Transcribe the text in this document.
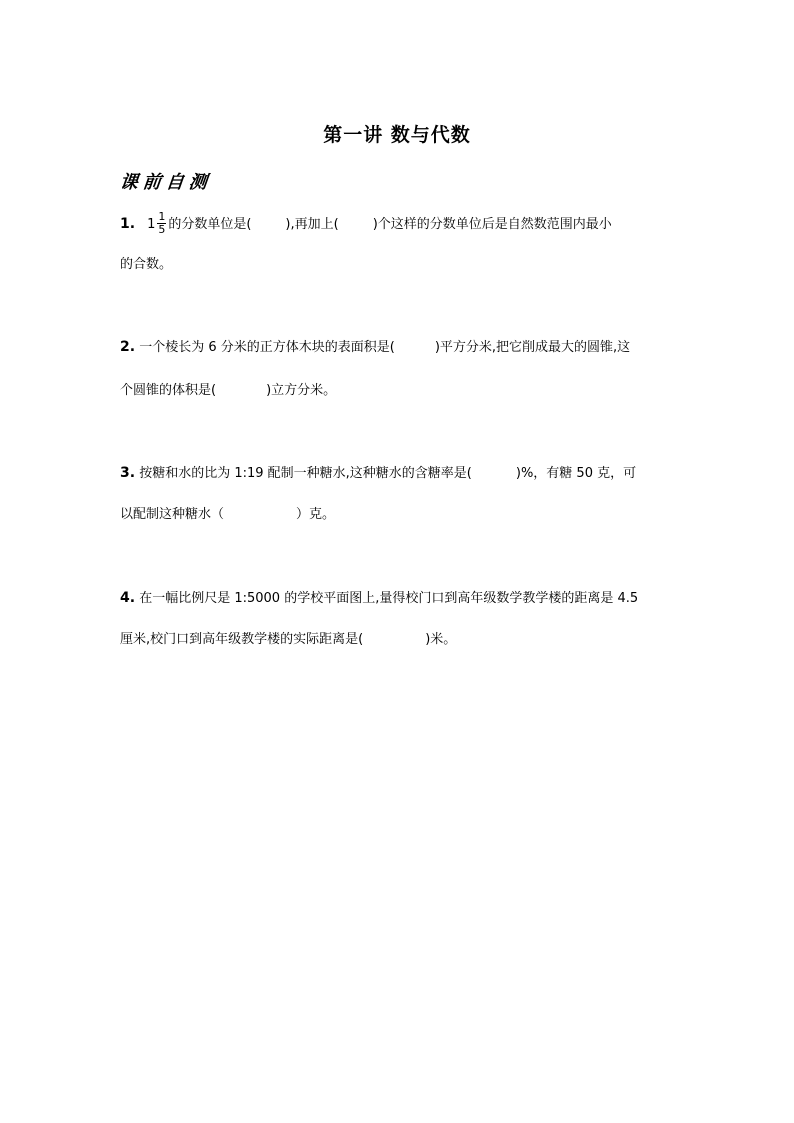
第一讲 数与代数
课前自测
1. $1 \frac{1}{5}$ 的分数单位是(	),再加上(	)个这样的分数单位后是自然数范围内最小
的合数。
2. 一个棱长为 6 分米的正方体木块的表面积是(	)平方分米,把它削成最大的圆锥,这
个圆锥的体积是(	)立方分米。
3. 按糖和水的比为 1:19 配制一种糖水,这种糖水的含糖率是(	)%，有糖 50 克，可
以配制这种糖水（	）克。
4. 在一幅比例尺是 1:5000 的学校平面图上,量得校门口到高年级数学教学楼的距离是 4.5
厘米,校门口到高年级教学楼的实际距离是(	)米。
